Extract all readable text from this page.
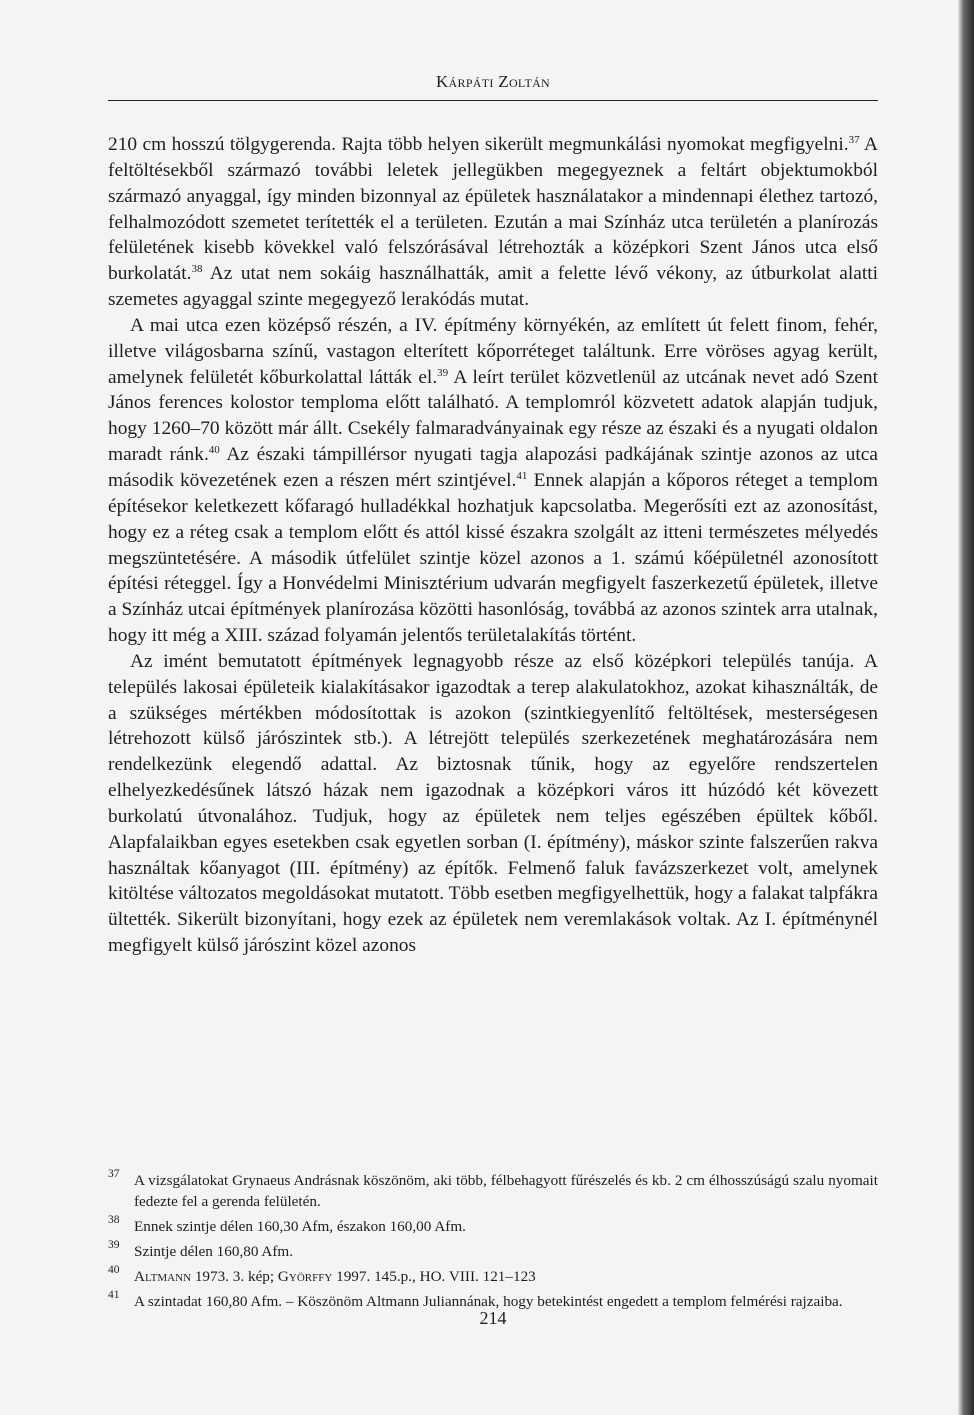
Kárpáti Zoltán

210 cm hosszú tölgygerenda. Rajta több helyen sikerült megmunkálási nyomokat megfigyelni.$^{37}$ A feltöltésekből származó további leletek jellegükben megegyeznek a feltárt objektumokból származó anyaggal, így minden bizonnyal az épületek használatakor a mindennapi élethez tartozó, felhalmozódott szemetet terítették el a területen. Ezután a mai Színház utca területén a planírozás felületének kisebb kövekkel való felszórásával létrehozták a középkori Szent János utca első burkolatát.$^{38}$ Az utat nem sokáig használhatták, amit a felette lévő vékony, az útburkolat alatti szemetes agyaggal szinte megegyező lerakódás mutat.

A mai utca ezen középső részén, a IV. építmény környékén, az említett út felett finom, fehér, illetve világosbarna színű, vastagon elterített kőporréteget találtunk. Erre vöröses agyag került, amelynek felületét kőburkolattal látták el.$^{39}$ A leírt terület közvetlenül az utcának nevet adó Szent János ferences kolostor temploma előtt található. A templomról közvetett adatok alapján tudjuk, hogy 1260–70 között már állt. Csekély falmaradványainak egy része az északi és a nyugati oldalon maradt ránk.$^{40}$ Az északi támpillérsor nyugati tagja alapozási padkájának szintje azonos az utca második kövezetének ezen a részen mért szintjével.$^{41}$ Ennek alapján a kőporos réteget a templom építésekor keletkezett kőfaragó hulladékkal hozhatjuk kapcsolatba. Megerősíti ezt az azonosítást, hogy ez a réteg csak a templom előtt és attól kissé északra szolgált az itteni természetes mélyedés megszüntetésére. A második útfelület szintje közel azonos a 1. számú kőépületnél azonosított építési réteggel. Így a Honvédelmi Minisztérium udvarán megfigyelt faszerkezetű épületek, illetve a Színház utcai építmények planírozása közötti hasonlóság, továbbá az azonos szintek arra utalnak, hogy itt még a XIII. század folyamán jelentős területalakítás történt.

Az imént bemutatott építmények legnagyobb része az első középkori település tanúja. A település lakosai épületeik kialakításakor igazodtak a terep alakulatokhoz, azokat kihasználták, de a szükséges mértékben módosítottak is azokon (szintkiegyenlítő feltöltések, mesterségesen létrehozott külső járószintek stb.). A létrejött település szerkezetének meghatározására nem rendelkezünk elegendő adattal. Az biztosnak tűnik, hogy az egyelőre rendszertelen elhelyezkedésűnek látszó házak nem igazodnak a középkori város itt húzódó két kövezett burkolatú útvonalához. Tudjuk, hogy az épületek nem teljes egészében épültek kőből. Alapfalaikban egyes esetekben csak egyetlen sorban (I. építmény), máskor szinte falszerűen rakva használtak kőanyagot (III. építmény) az építők. Felmenő faluk favázszerkezet volt, amelynek kitöltése változatos megoldásokat mutatott. Több esetben megfigyelhettük, hogy a falakat talpfákra ültették. Sikerült bizonyítani, hogy ezek az épületek nem veremlakások voltak. Az I. építménynél megfigyelt külső járószint közel azonos

37 A vizsgálatokat Grynaeus Andrásnak köszönöm, aki több, félbehagyott fűrészelés és kb. 2 cm élhosszúságú szalu nyomait fedezte fel a gerenda felületén.
38 Ennek szintje délen 160,30 Afm, északon 160,00 Afm.
39 Szintje délen 160,80 Afm.
40 Altmann 1973. 3. kép; Györffy 1997. 145.p., HO. VIII. 121–123
41 A szintadat 160,80 Afm. – Köszönöm Altmann Juliannának, hogy betekintést engedett a templom felmérési rajzaiba.
214
